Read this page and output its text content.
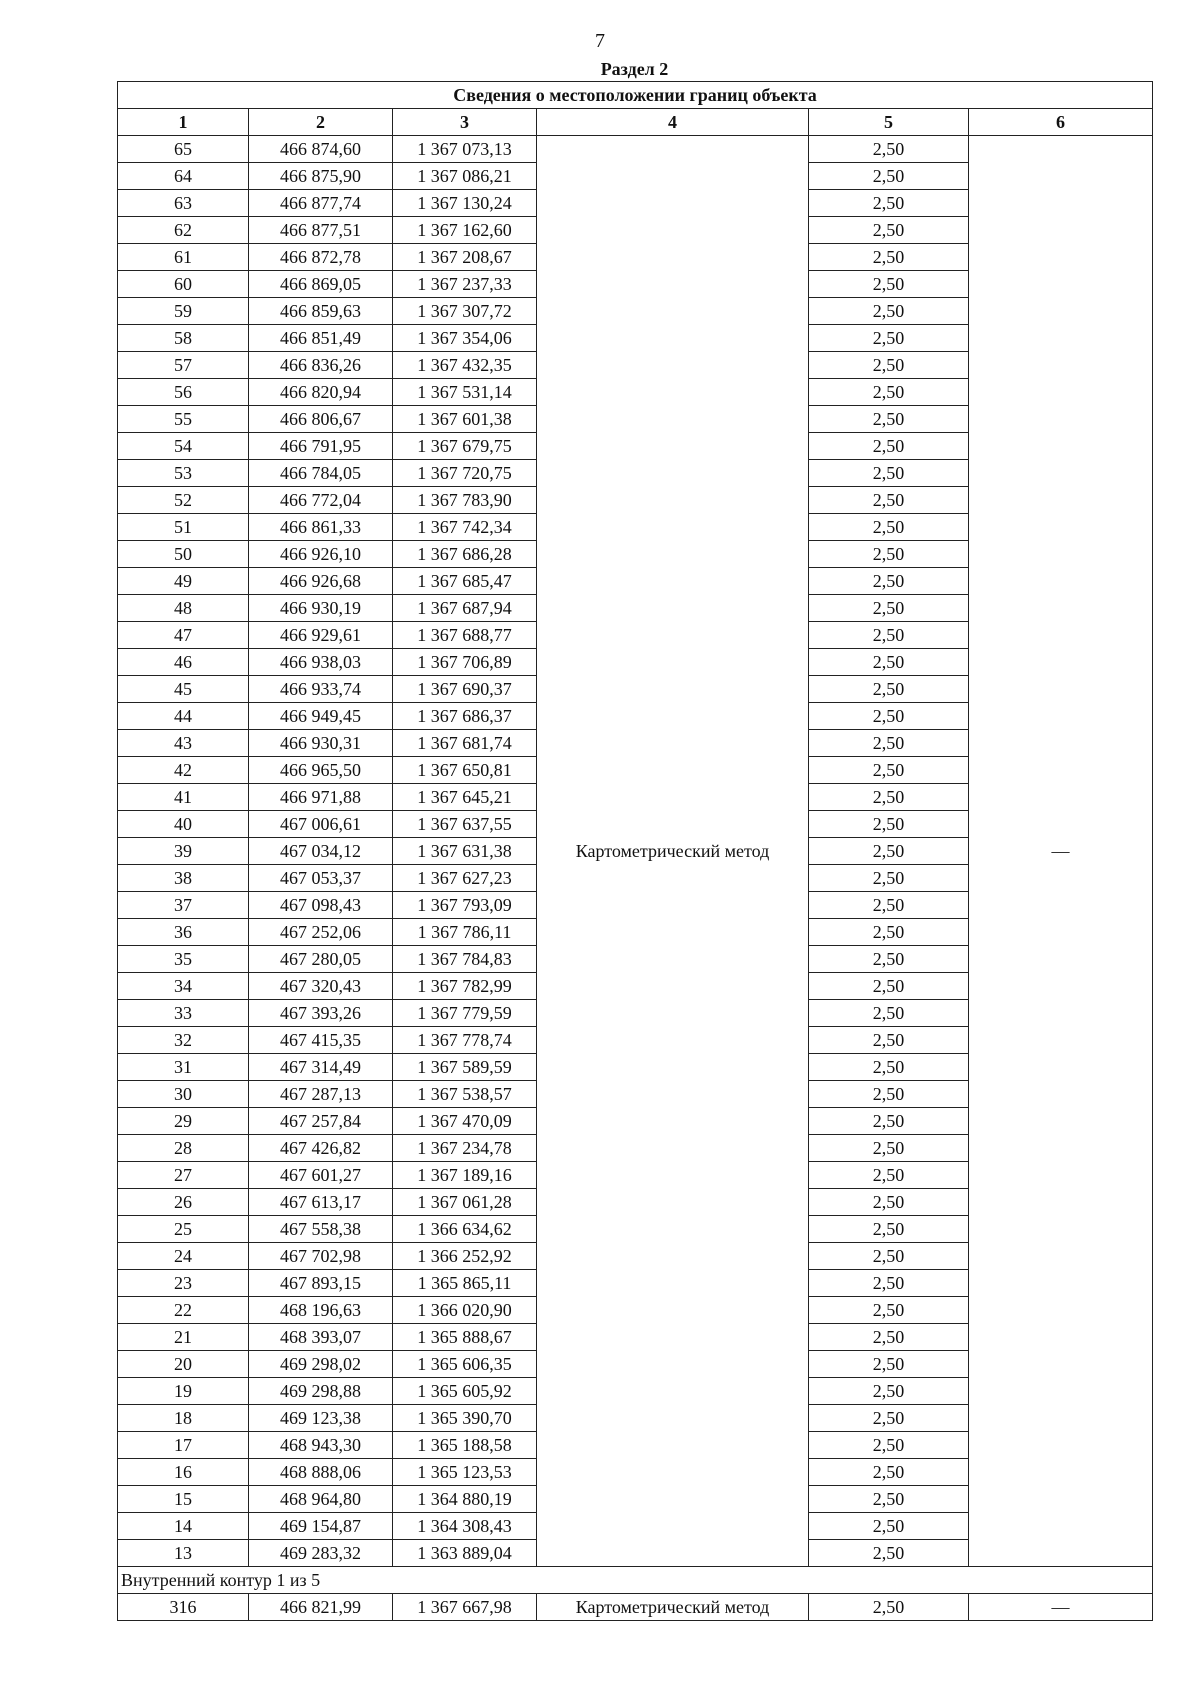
7
Раздел 2
Сведения о местоположении границ объекта					
1	2	3	4	5	6
65	466 874,60	1 367 073,13	Картометрический метод	2,50	—
64	466 875,90	1 367 086,21		2,50	
63	466 877,74	1 367 130,24		2,50	
62	466 877,51	1 367 162,60		2,50	
61	466 872,78	1 367 208,67		2,50	
60	466 869,05	1 367 237,33		2,50	
59	466 859,63	1 367 307,72		2,50	
58	466 851,49	1 367 354,06		2,50	
57	466 836,26	1 367 432,35		2,50	
56	466 820,94	1 367 531,14		2,50	
55	466 806,67	1 367 601,38		2,50	
54	466 791,95	1 367 679,75		2,50	
53	466 784,05	1 367 720,75		2,50	
52	466 772,04	1 367 783,90		2,50	
51	466 861,33	1 367 742,34		2,50	
50	466 926,10	1 367 686,28		2,50	
49	466 926,68	1 367 685,47		2,50	
48	466 930,19	1 367 687,94		2,50	
47	466 929,61	1 367 688,77		2,50	
46	466 938,03	1 367 706,89		2,50	
45	466 933,74	1 367 690,37		2,50	
44	466 949,45	1 367 686,37		2,50	
43	466 930,31	1 367 681,74		2,50	
42	466 965,50	1 367 650,81		2,50	
41	466 971,88	1 367 645,21		2,50	
40	467 006,61	1 367 637,55		2,50	
39	467 034,12	1 367 631,38		2,50	
38	467 053,37	1 367 627,23		2,50	
37	467 098,43	1 367 793,09		2,50	
36	467 252,06	1 367 786,11		2,50	
35	467 280,05	1 367 784,83		2,50	
34	467 320,43	1 367 782,99		2,50	
33	467 393,26	1 367 779,59		2,50	
32	467 415,35	1 367 778,74		2,50	
31	467 314,49	1 367 589,59		2,50	
30	467 287,13	1 367 538,57		2,50	
29	467 257,84	1 367 470,09		2,50	
28	467 426,82	1 367 234,78		2,50	
27	467 601,27	1 367 189,16		2,50	
26	467 613,17	1 367 061,28		2,50	
25	467 558,38	1 366 634,62		2,50	
24	467 702,98	1 366 252,92		2,50	
23	467 893,15	1 365 865,11		2,50	
22	468 196,63	1 366 020,90		2,50	
21	468 393,07	1 365 888,67		2,50	
20	469 298,02	1 365 606,35		2,50	
19	469 298,88	1 365 605,92		2,50	
18	469 123,38	1 365 390,70		2,50	
17	468 943,30	1 365 188,58		2,50	
16	468 888,06	1 365 123,53		2,50	
15	468 964,80	1 364 880,19		2,50	
14	469 154,87	1 364 308,43		2,50	
13	469 283,32	1 363 889,04		2,50	
Внутренний контур 1 из 5					
316	466 821,99	1 367 667,98	Картометрический метод	2,50	—
